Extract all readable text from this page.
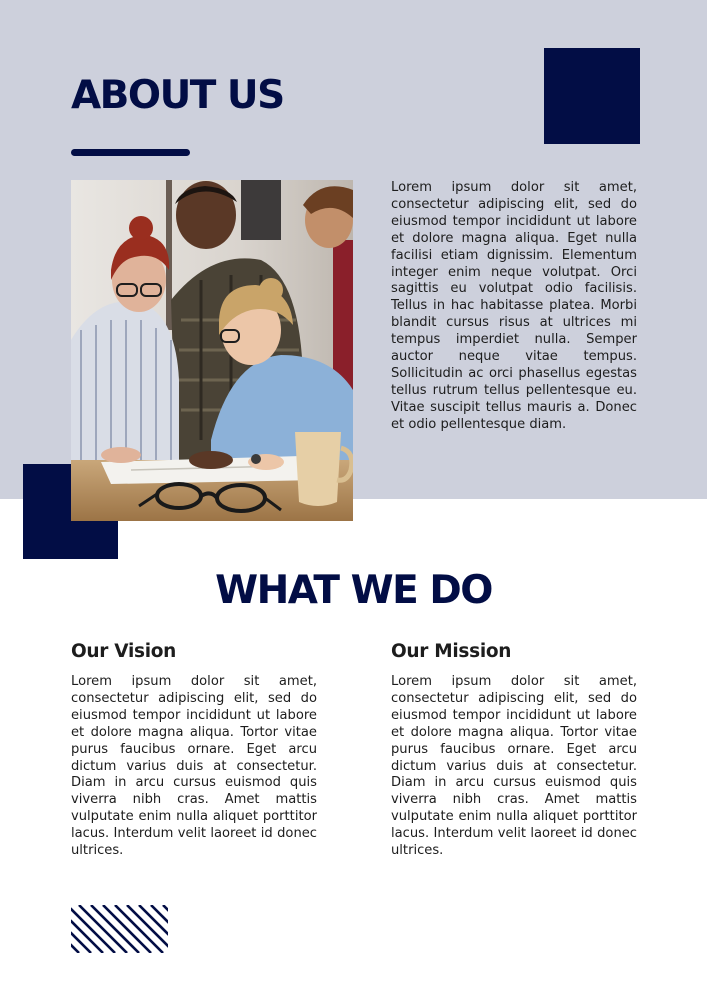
ABOUT US

Lorem ipsum dolor sit amet, consectetur adipiscing elit, sed do eiusmod tempor incididunt ut labore et dolore magna aliqua. Eget nulla facilisi etiam dignissim. Elementum integer enim neque volutpat. Orci sagittis eu volutpat odio facilisis. Tellus in hac habitasse platea. Morbi blandit cursus risus at ultrices mi tempus imperdiet nulla. Semper auctor neque vitae tempus. Sollicitudin ac orci phasellus egestas tellus rutrum tellus pellentesque eu. Vitae suscipit tellus mauris a. Donec et odio pellentesque diam.

WHAT WE DO
Our Vision

Lorem ipsum dolor sit amet, consectetur adipiscing elit, sed do eiusmod tempor incididunt ut labore et dolore magna aliqua. Tortor vitae purus faucibus ornare. Eget arcu dictum varius duis at consectetur. Diam in arcu cursus euismod quis viverra nibh cras. Amet mattis vulputate enim nulla aliquet porttitor lacus. Interdum velit laoreet id donec ultrices.

Our Mission

Lorem ipsum dolor sit amet, consectetur adipiscing elit, sed do eiusmod tempor incididunt ut labore et dolore magna aliqua. Tortor vitae purus faucibus ornare. Eget arcu dictum varius duis at consectetur. Diam in arcu cursus euismod quis viverra nibh cras. Amet mattis vulputate enim nulla aliquet porttitor lacus. Interdum velit laoreet id donec ultrices.
